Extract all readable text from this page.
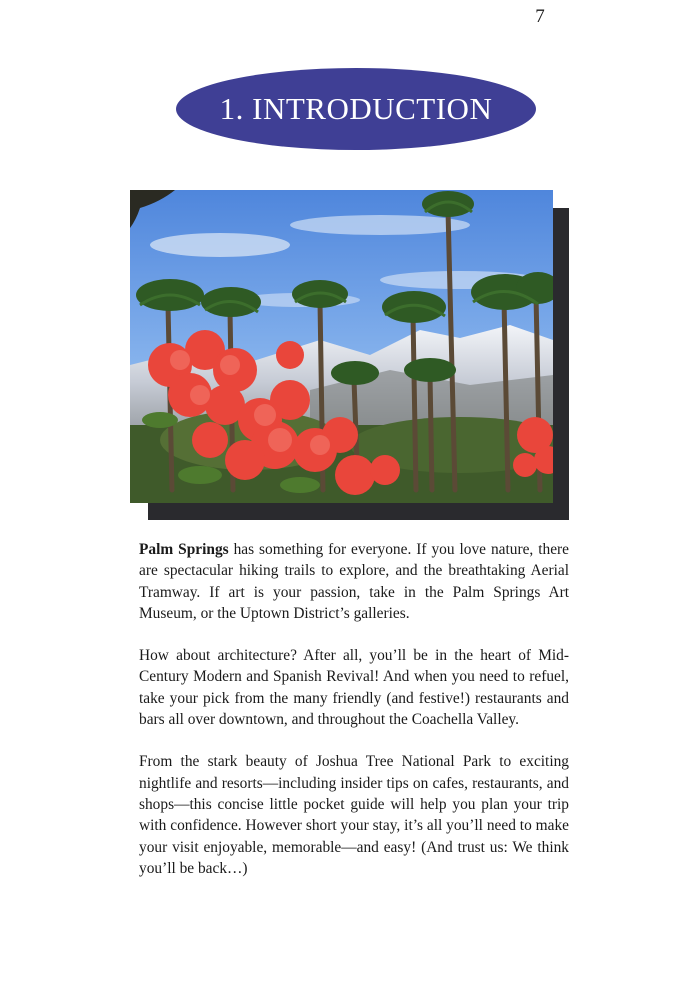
7
1. INTRODUCTION

Palm Springs has something for everyone. If you love nature, there are spectacular hiking trails to explore, and the breathtaking Aerial Tramway. If art is your passion, take in the Palm Springs Art Museum, or the Uptown District’s galleries.

How about architecture? After all, you’ll be in the heart of Mid-Century Modern and Spanish Revival! And when you need to refuel, take your pick from the many friendly (and festive!) restaurants and bars all over downtown, and throughout the Coachella Valley.

From the stark beauty of Joshua Tree National Park to exciting nightlife and resorts—including insider tips on cafes, restaurants, and shops—this concise little pocket guide will help you plan your trip with confidence. However short your stay, it’s all you’ll need to make your visit enjoyable, memorable—and easy! (And trust us: We think you’ll be back…)
